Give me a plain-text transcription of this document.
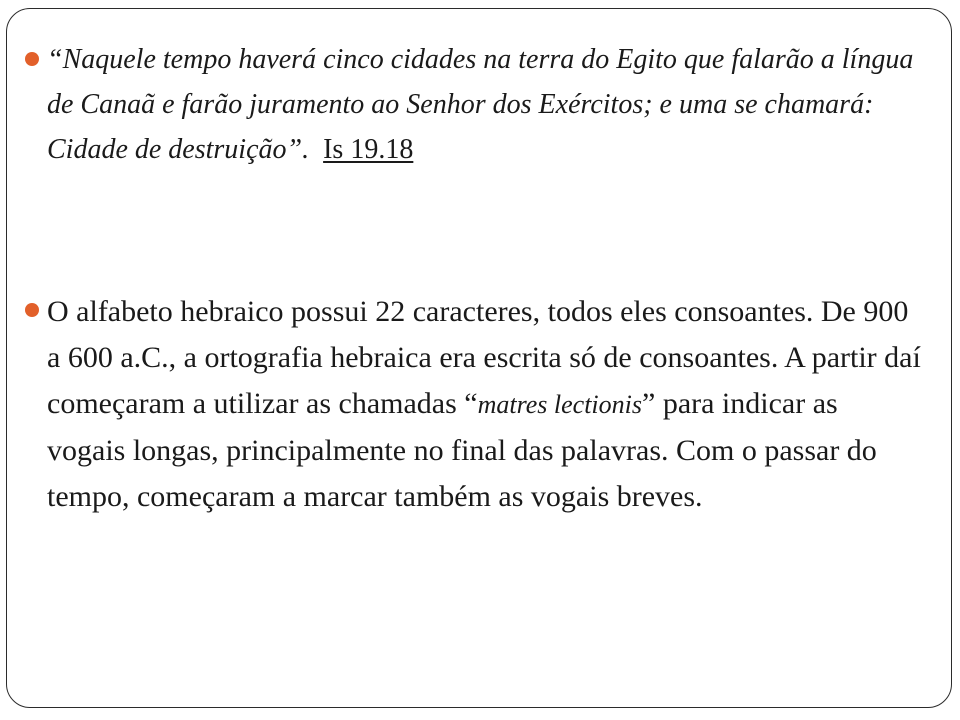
“Naquele tempo haverá cinco cidades na terra do Egito que falarão a língua de Canaã e farão juramento ao Senhor dos Exércitos; e uma se chamará: Cidade de destruição”. Is 19.18
O alfabeto hebraico possui 22 caracteres, todos eles consoantes. De 900 a 600 a.C., a ortografia hebraica era escrita só de consoantes. A partir daí começaram a utilizar as chamadas “matres lectionis” para indicar as vogais longas, principalmente no final das palavras. Com o passar do tempo, começaram a marcar também as vogais breves.
